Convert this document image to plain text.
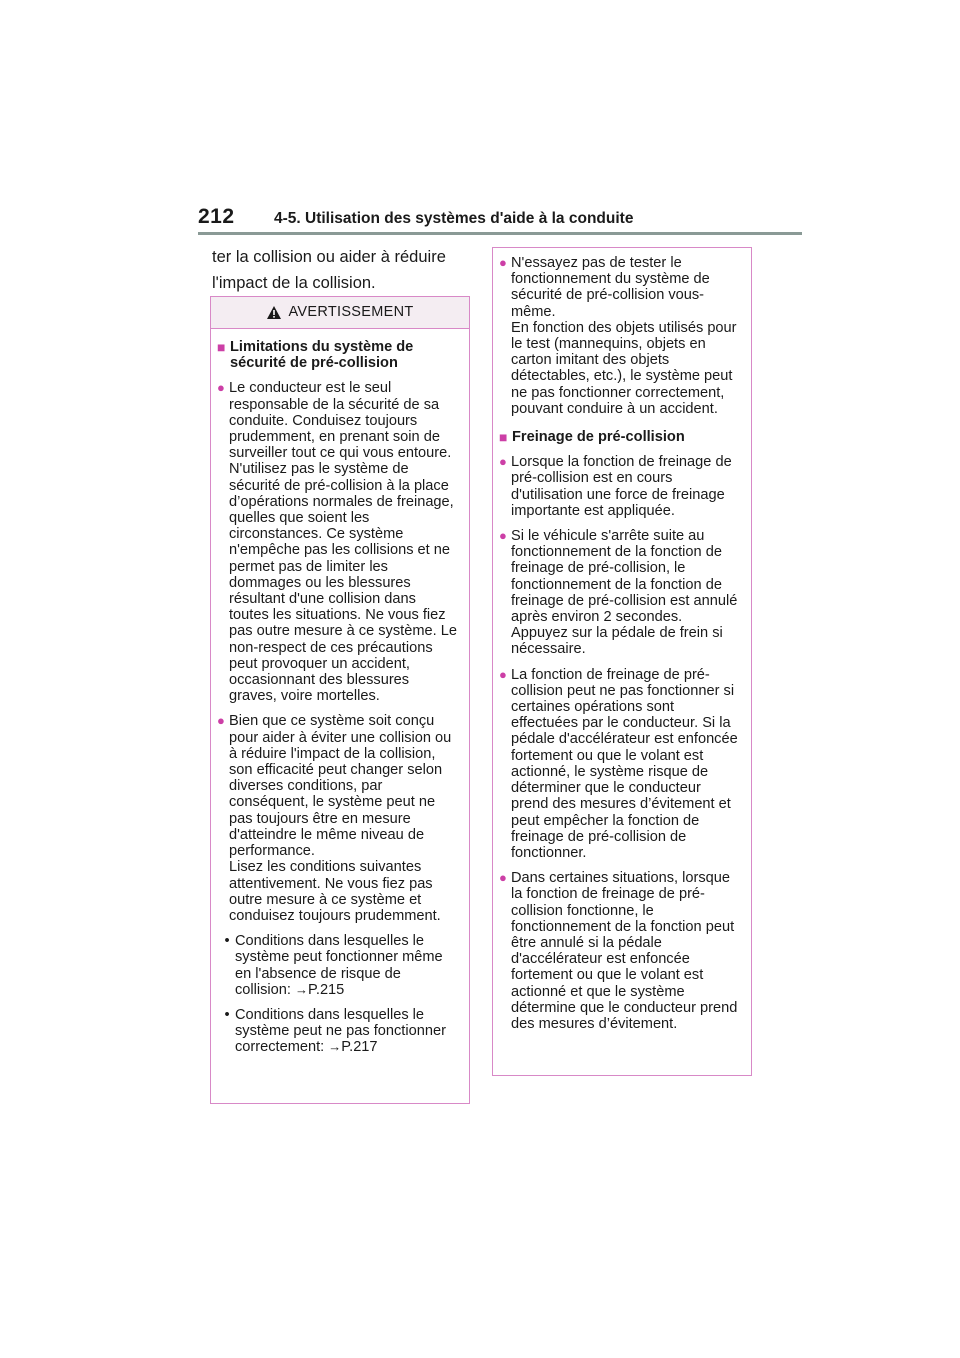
212	4-5. Utilisation des systèmes d'aide à la conduite
ter la collision ou aider à réduire
l'impact de la collision.
AVERTISSEMENT
■ Limitations du système de sécurité de pré-collision
● Le conducteur est le seul responsable de la sécurité de sa conduite. Conduisez toujours prudemment, en prenant soin de surveiller tout ce qui vous entoure.
N'utilisez pas le système de sécurité de pré-collision à la place d’opérations normales de freinage, quelles que soient les circonstances. Ce système n'empêche pas les collisions et ne permet pas de limiter les dommages ou les blessures résultant d'une collision dans toutes les situations. Ne vous fiez pas outre mesure à ce système. Le non-respect de ces précautions peut provoquer un accident, occasionnant des blessures graves, voire mortelles.
● Bien que ce système soit conçu pour aider à éviter une collision ou à réduire l'impact de la collision, son efficacité peut changer selon diverses conditions, par conséquent, le système peut ne pas toujours être en mesure d'atteindre le même niveau de performance.
Lisez les conditions suivantes attentivement. Ne vous fiez pas outre mesure à ce système et conduisez toujours prudemment.
• Conditions dans lesquelles le système peut fonctionner même en l'absence de risque de collision: →P.215
• Conditions dans lesquelles le système peut ne pas fonctionner correctement: →P.217
● N'essayez pas de tester le fonctionnement du système de sécurité de pré-collision vous-même.
En fonction des objets utilisés pour le test (mannequins, objets en carton imitant des objets détectables, etc.), le système peut ne pas fonctionner correctement, pouvant conduire à un accident.
■ Freinage de pré-collision
● Lorsque la fonction de freinage de pré-collision est en cours d'utilisation une force de freinage importante est appliquée.
● Si le véhicule s'arrête suite au fonctionnement de la fonction de freinage de pré-collision, le fonctionnement de la fonction de freinage de pré-collision est annulé après environ 2 secondes. Appuyez sur la pédale de frein si nécessaire.
● La fonction de freinage de pré-collision peut ne pas fonctionner si certaines opérations sont effectuées par le conducteur. Si la pédale d'accélérateur est enfoncée fortement ou que le volant est actionné, le système risque de déterminer que le conducteur prend des mesures d’évitement et peut empêcher la fonction de freinage de pré-collision de fonctionner.
● Dans certaines situations, lorsque la fonction de freinage de pré-collision fonctionne, le fonctionnement de la fonction peut être annulé si la pédale d'accélérateur est enfoncée fortement ou que le volant est actionné et que le système détermine que le conducteur prend des mesures d’évitement.
